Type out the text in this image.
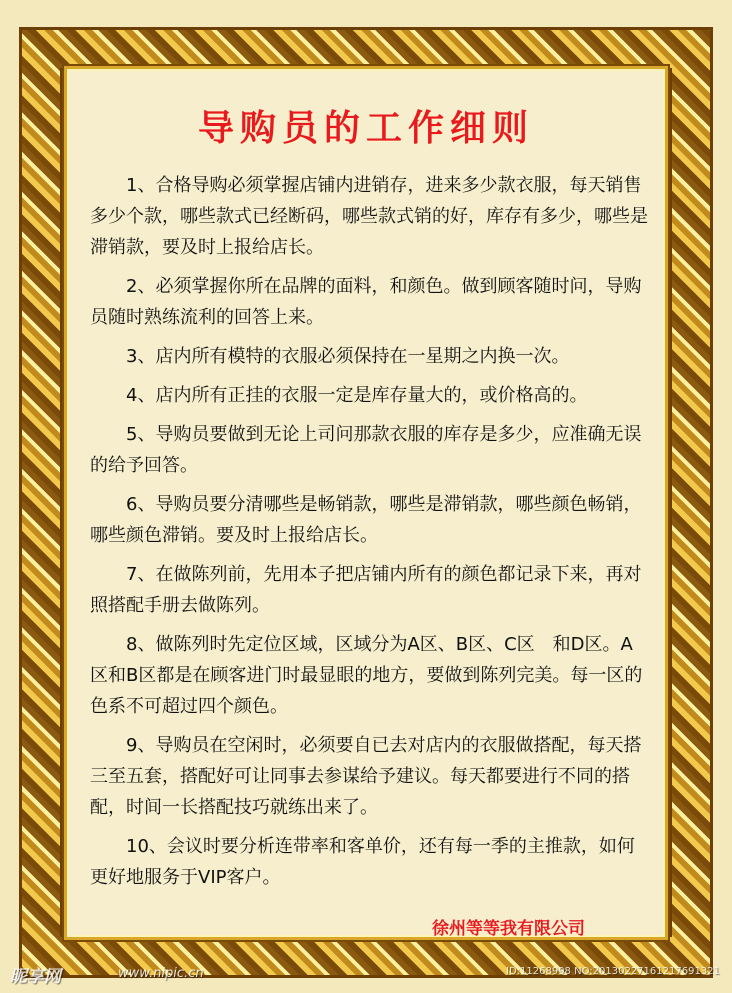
导购员的工作细则

1、合格导购必须掌握店铺内进销存，进来多少款衣服，每天销售多少个款，哪些款式已经断码，哪些款式销的好，库存有多少，哪些是滞销款，要及时上报给店长。

2、必须掌握你所在品牌的面料，和颜色。做到顾客随时问，导购员随时熟练流利的回答上来。

3、店内所有模特的衣服必须保持在一星期之内换一次。

4、店内所有正挂的衣服一定是库存量大的，或价格高的。

5、导购员要做到无论上司问那款衣服的库存是多少，应准确无误的给予回答。

6、导购员要分清哪些是畅销款，哪些是滞销款，哪些颜色畅销，哪些颜色滞销。要及时上报给店长。

7、在做陈列前，先用本子把店铺内所有的颜色都记录下来，再对照搭配手册去做陈列。

8、做陈列时先定位区域，区域分为A区、B区、C区　和D区。A区和B区都是在顾客进门时最显眼的地方，要做到陈列完美。每一区的色系不可超过四个颜色。

9、导购员在空闲时，必须要自已去对店内的衣服做搭配，每天搭三至五套，搭配好可让同事去参谋给予建议。每天都要进行不同的搭配，时间一长搭配技巧就练出来了。

10、会议时要分析连带率和客单价，还有每一季的主推款，如何更好地服务于VIP客户。

徐州等等我有限公司
昵享网	www.nipic.cn	ID:11268998 NO:20130227161217691321
